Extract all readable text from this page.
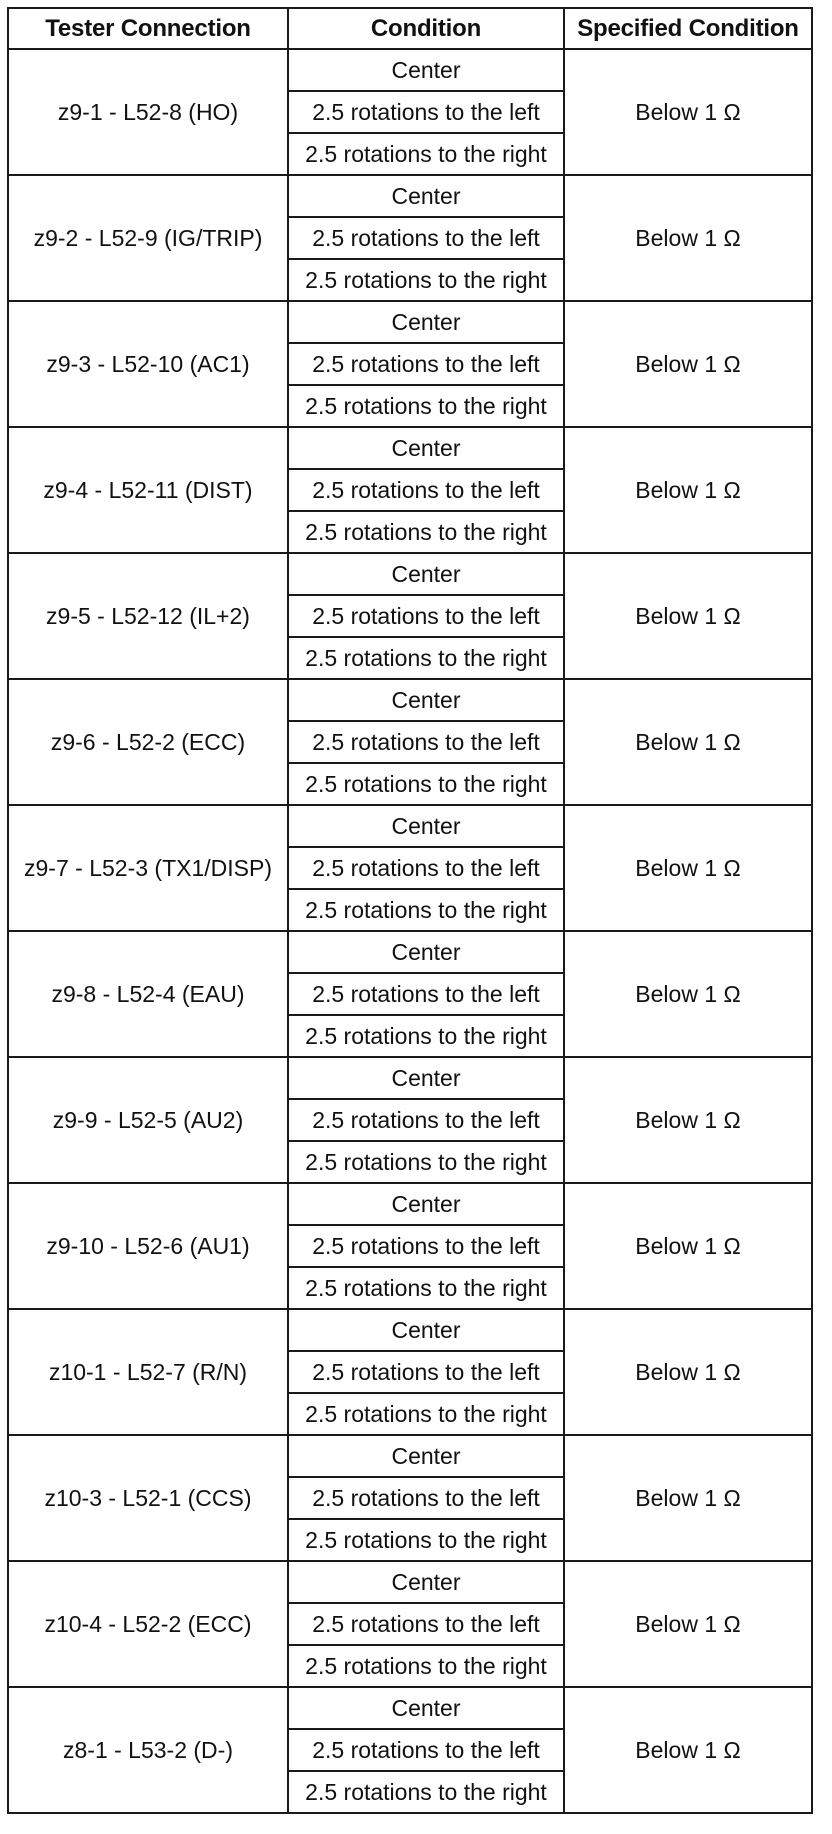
Tester Connection	Condition	Specified Condition
z9-1 - L52-8 (HO)	Center	Below 1 Ω
	2.5 rotations to the left	
	2.5 rotations to the right	
z9-2 - L52-9 (IG/TRIP)	Center	Below 1 Ω
	2.5 rotations to the left	
	2.5 rotations to the right	
z9-3 - L52-10 (AC1)	Center	Below 1 Ω
	2.5 rotations to the left	
	2.5 rotations to the right	
z9-4 - L52-11 (DIST)	Center	Below 1 Ω
	2.5 rotations to the left	
	2.5 rotations to the right	
z9-5 - L52-12 (IL+2)	Center	Below 1 Ω
	2.5 rotations to the left	
	2.5 rotations to the right	
z9-6 - L52-2 (ECC)	Center	Below 1 Ω
	2.5 rotations to the left	
	2.5 rotations to the right	
z9-7 - L52-3 (TX1/DISP)	Center	Below 1 Ω
	2.5 rotations to the left	
	2.5 rotations to the right	
z9-8 - L52-4 (EAU)	Center	Below 1 Ω
	2.5 rotations to the left	
	2.5 rotations to the right	
z9-9 - L52-5 (AU2)	Center	Below 1 Ω
	2.5 rotations to the left	
	2.5 rotations to the right	
z9-10 - L52-6 (AU1)	Center	Below 1 Ω
	2.5 rotations to the left	
	2.5 rotations to the right	
z10-1 - L52-7 (R/N)	Center	Below 1 Ω
	2.5 rotations to the left	
	2.5 rotations to the right	
z10-3 - L52-1 (CCS)	Center	Below 1 Ω
	2.5 rotations to the left	
	2.5 rotations to the right	
z10-4 - L52-2 (ECC)	Center	Below 1 Ω
	2.5 rotations to the left	
	2.5 rotations to the right	
z8-1 - L53-2 (D-)	Center	Below 1 Ω
	2.5 rotations to the left	
	2.5 rotations to the right	
